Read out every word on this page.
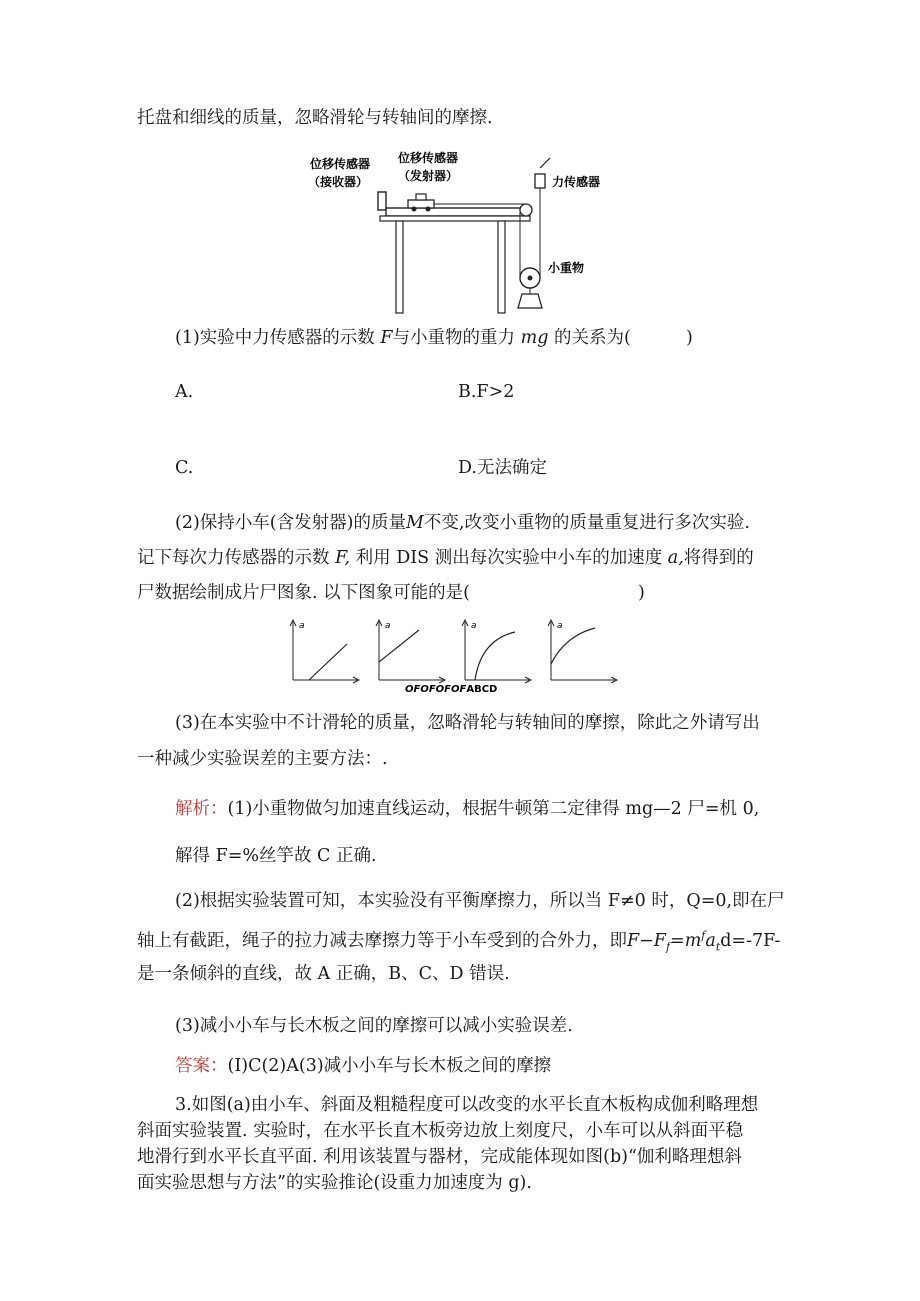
托盘和细线的质量，忽略滑轮与转轴间的摩擦.
位移传感器
（接收器）
位移传感器
（发射器）	力传感器
小重物
(1)实验中力传感器的示数 F与小重物的重力 mg 的关系为(	)
A.	B.F>2
C.	D.无法确定
(2)保持小车(含发射器)的质量M不变,改变小重物的质量重复进行多次实验.
记下每次力传感器的示数 F, 利用 DIS 测出每次实验中小车的加速度 a,将得到的
尸数据绘制成片尸图象. 以下图象可能的是(	)
a	a	a	a
OFOFOFOFABCD
(3)在本实验中不计滑轮的质量，忽略滑轮与转轴间的摩擦，除此之外请写出
一种减少实验误差的主要方法：.
解析：(1)小重物做匀加速直线运动，根据牛顿第二定律得 mg—2 尸=机 0,
解得 F=%丝竽故 C 正确.
(2)根据实验装置可知，本实验没有平衡摩擦力，所以当 F≠0 时，Q=0,即在尸
轴上有截距，绳子的拉力减去摩擦力等于小车受到的合外力，即$F-F_f=m^fa_td=-7F-$
是一条倾斜的直线，故 A 正确，B、C、D 错误.
(3)减小小车与长木板之间的摩擦可以减小实验误差.
答案：(I)C(2)A(3)减小小车与长木板之间的摩擦
3.如图(a)由小车、斜面及粗糙程度可以改变的水平长直木板构成伽利略理想
斜面实验装置. 实验时，在水平长直木板旁边放上刻度尺，小车可以从斜面平稳
地滑行到水平长直平面. 利用该装置与器材，完成能体现如图(b)“伽利略理想斜
面实验思想与方法”的实验推论(设重力加速度为 g).
